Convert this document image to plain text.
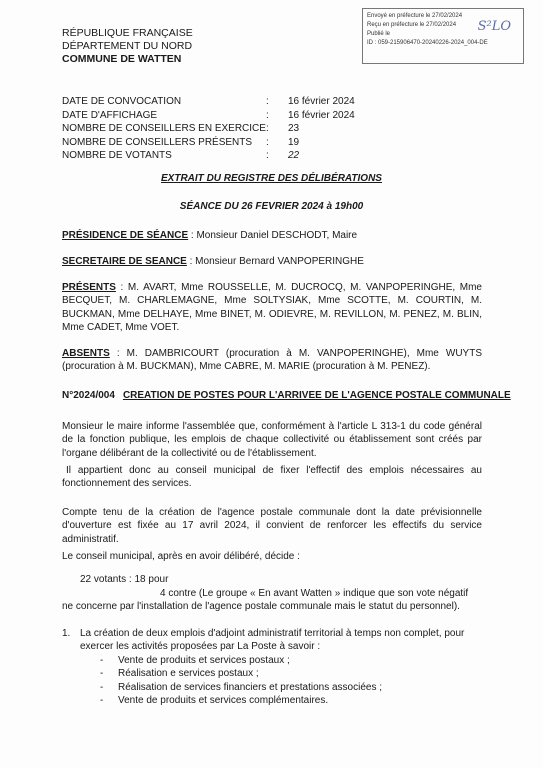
RÉPUBLIQUE FRANÇAISE
DÉPARTEMENT DU NORD
COMMUNE DE WATTEN
Envoyé en préfecture le 27/02/2024
Reçu en préfecture le 27/02/2024
Publié le
ID : 059-215906470-20240226-2024_004-DE
S²LO
DATE DE CONVOCATION	: 16 février 2024
DATE D'AFFICHAGE	: 16 février 2024
NOMBRE DE CONSEILLERS EN EXERCICE : 23
NOMBRE DE CONSEILLERS PRÉSENTS : 19
NOMBRE DE VOTANTS	: 22
EXTRAIT DU REGISTRE DES DÉLIBÉRATIONS
SÉANCE DU 26 FEVRIER 2024 à 19h00
PRÉSIDENCE DE SÉANCE : Monsieur Daniel DESCHODT, Maire
SECRETAIRE DE SEANCE : Monsieur Bernard VANPOPERINGHE
PRÉSENTS : M. AVART, Mme ROUSSELLE, M. DUCROCQ, M. VANPOPERINGHE, Mme BECQUET, M. CHARLEMAGNE, Mme SOLTYSIAK, Mme SCOTTE, M. COURTIN, M. BUCKMAN, Mme DELHAYE, Mme BINET, M. ODIEVRE, M. REVILLON, M. PENEZ, M. BLIN, Mme CADET, Mme VOET.
ABSENTS : M. DAMBRICOURT (procuration à M. VANPOPERINGHE), Mme WUYTS (procuration à M. BUCKMAN), Mme CABRE, M. MARIE (procuration à M. PENEZ).
N°2024/004 CREATION DE POSTES POUR L'ARRIVEE DE L'AGENCE POSTALE COMMUNALE
Monsieur le maire informe l'assemblée que, conformément à l'article L 313-1 du code général de la fonction publique, les emplois de chaque collectivité ou établissement sont créés par l'organe délibérant de la collectivité ou de l'établissement.
Il appartient donc au conseil municipal de fixer l'effectif des emplois nécessaires au fonctionnement des services.
Compte tenu de la création de l'agence postale communale dont la date prévisionnelle d'ouverture est fixée au 17 avril 2024, il convient de renforcer les effectifs du service administratif.
Le conseil municipal, après en avoir délibéré, décide :
22 votants : 18 pour
4 contre (Le groupe « En avant Watten » indique que son vote négatif ne concerne par l'installation de l'agence postale communale mais le statut du personnel).
1. La création de deux emplois d'adjoint administratif territorial à temps non complet, pour exercer les activités proposées par La Poste à savoir :
- Vente de produits et services postaux ;
- Réalisation e services postaux ;
- Réalisation de services financiers et prestations associées ;
- Vente de produits et services complémentaires.
